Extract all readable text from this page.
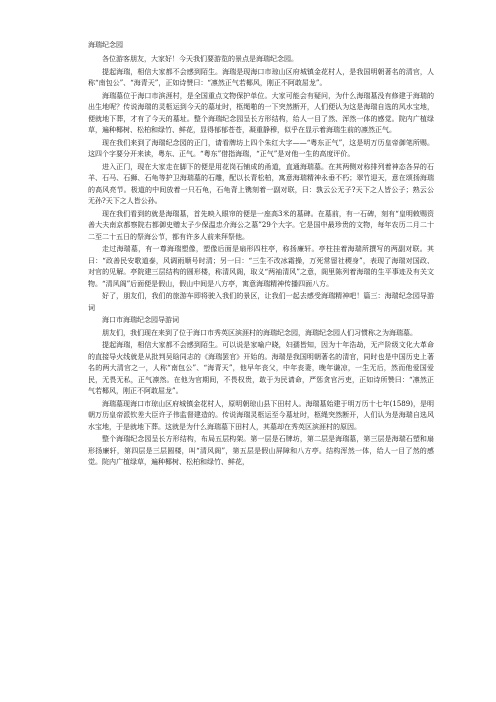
海瑞纪念园

各位游客朋友，大家好！今天我们要游览的景点是海瑞纪念园。

提起海瑞，相信大家都不会感到陌生。海瑞是现海口市琼山区府城镇金花村人，是我国明朝著名的清官，人称“南包公”、“海青天”，正如诗赞曰：“凛然正气若椰风，刚正不阿敢屈龙”。

海瑞墓位于海口市滨涯村，是全国重点文物保护单位。大家可能会有疑问，为什么海瑞墓没有修建于海瑞的出生地呢？传说海瑞的灵柩运到今天的墓址时，柩绳啪的一下突然断开，人们便认为这是海瑞自选的风水宝地，便就地下葬，才有了今天的墓址。整个海瑞纪念园呈长方形结构，给人一目了然、浑然一体的感觉。院内广植绿草，遍种椰树、松柏和绿竹、鲜花，显得郁郁苍苍，凝重静穆，似乎在显示着海瑞生前的凛然正气。

现在我们来到了海瑞纪念园的正门，请看牌坊上四个朱红大字——“粤东正气”，这是明万历皇帝御笔所赐。这四个字要分开来读，粤东、正气。“粤东”借指海瑞，“正气”是对他一生的高度评价。

进入正门，现在大家走在脚下的便是用花岗石铺成的甬道，直通海瑞墓。在其两侧对称排列着神态各异的石羊、石马、石狮、石龟等护卫海瑞墓的石雕，配以长青松柏，寓意海瑞精神永垂不朽；翠竹迎天，意在颂扬海瑞的高风亮节。极道的中间放着一只石龟，石龟背上镌刻着一副对联，曰：孰云公无子?天下之人皆公子；熟云公无孙?天下之人皆公孙。

现在我们看到的就是海瑞墓，首先映入眼帘的便是一座高3米的墓碑。在墓前，有一石碑，刻有“皇明敕赐资善大夫南京都察院右都御史赠太子少保温忠介海公之墓”29个大字。它是国中最珍贵的文物，每年农历二月二十二至二十五日的祭海公节，都有许多人前来拜祭他。

走过海瑞墓，有一尊海瑞塑像，塑像后面是扇形四柱亭，称扬廉轩。亭柱挂着海瑞所撰写的两副对联。其曰：“政善民安歌道泰，风调雨顺号时清；另一曰：“三生不改冰霜操，万死常留社稷身”，表现了海瑞对国政、对官的见解。亭院建三层结构的圆形楼，称清风阁，取义“两袖清风”之意，阁里陈列着海瑞的生平事迹及有关文物。“清风阁”后面便是假山，假山中间是八方亭，寓意海瑞精神传播四面八方。

好了，朋友们，我们的旅游车即将驶入我们的景区，让我们一起去感受海瑞精神吧！篇三：海瑞纪念园导游词

海口市海瑞纪念园导游词

朋友们，我们现在来到了位于海口市秀英区滨涯村的海瑞纪念园，海瑞纪念园人们习惯称之为海瑞墓。

提起海瑞，相信大家都不会感到陌生。可以说是家喻户晓，妇孺皆知，因为十年浩劫，无产阶级文化大革命的直接导火线就是从批判吴晗同志的《海瑞罢官》开始的。海瑞是我国明朝著名的清官，同时也是中国历史上著名的两大清官之一，人称“南包公”、“海青天”，他早年丧父，中年丧妻，晚年谦凉，一生无后，然而他爱国爱民，无畏无私，正气凛然。在他为官期间，不畏权贵，敢于为民请命，严惩贪官污吏，正如诗所赞曰：“凛然正气若椰风，刚正不阿敢屈龙”。

海瑞墓现海口市琼山区府城镇金花村人，原明朝琼山县下田村人。海瑞墓始建于明万历十七年(1589)，是明朝万历皇帝派钦差大臣许子伟监督建造的。传说海瑞灵柩运至今墓址时，柩绳突然断开，人们认为是海瑞自选风水宝地，于是就地下葬。这就是为什么海瑞墓下田村人，其墓却在秀英区滨涯村的原因。

整个海瑞纪念园呈长方形结构，布局五层构架。第一层是石牌坊，第二层是海瑞墓，第三层是海瑞石塑和扇形扬廉轩，第四层是三层圆楼，叫“清风阁”，第五层是假山屏障和八方亭。结构浑然一体，给人一目了然的感觉。院内广植绿草，遍种椰树、松柏和绿竹、鲜花，
